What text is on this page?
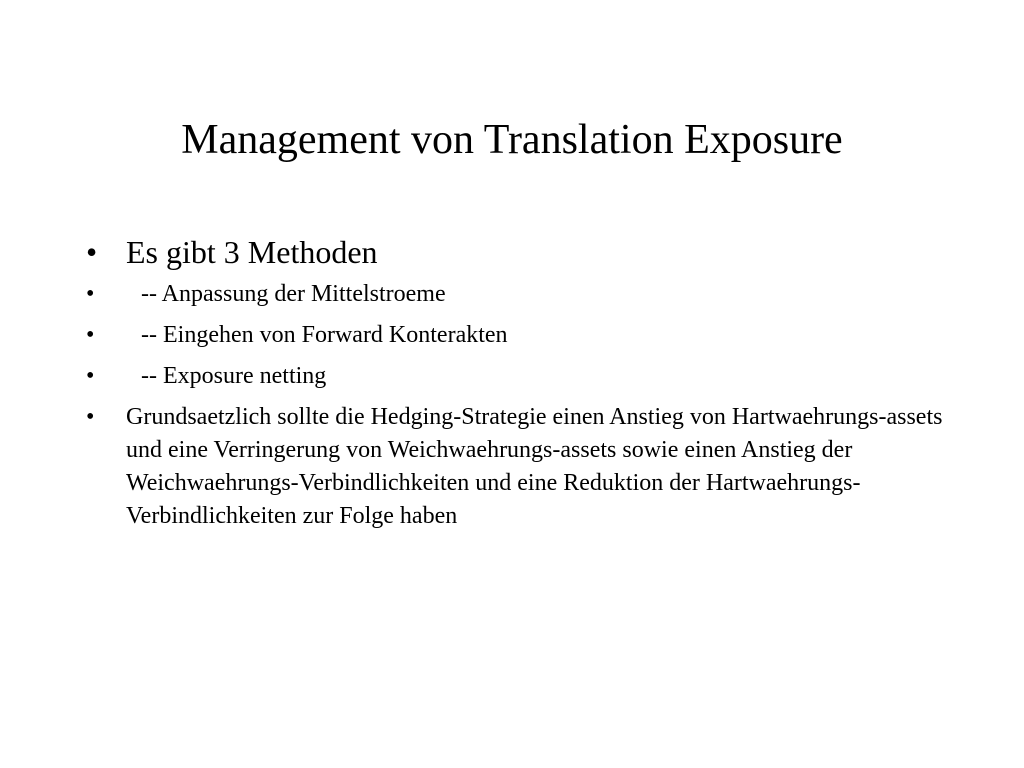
Management von Translation Exposure
• Es gibt 3 Methoden
• -- Anpassung der Mittelstroeme
• -- Eingehen von Forward Konterakten
• -- Exposure netting
• Grundsaetzlich sollte die Hedging-Strategie einen Anstieg von Hartwaehrungs-assets und eine Verringerung von Weichwaehrungs-assets sowie einen Anstieg der Weichwaehrungs-Verbindlichkeiten und eine Reduktion der Hartwaehrungs-Verbindlichkeiten zur Folge haben
